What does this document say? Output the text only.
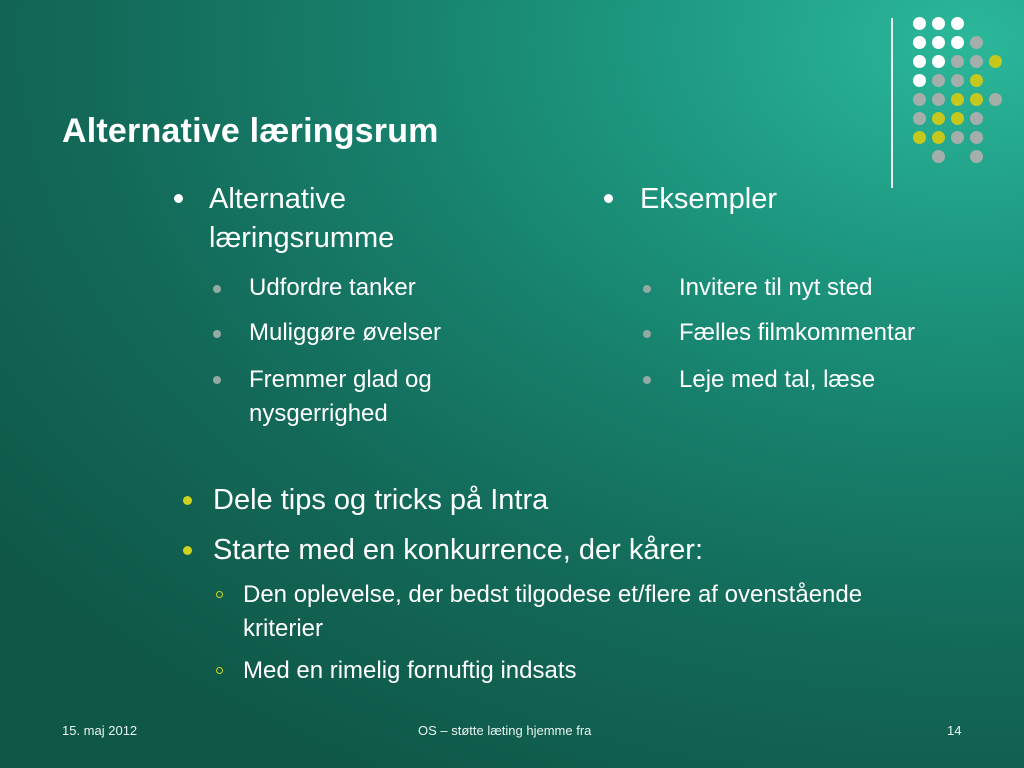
Alternative læringsrum

Alternative

læringsrumme

Udfordre tanker

Muliggøre øvelser

Fremmer glad og

nysgerrighed

Eksempler

Invitere til nyt sted

Fælles filmkommentar

Leje med tal, læse

Dele tips og tricks på Intra

Starte med en konkurrence, der kårer:

Den oplevelse, der bedst tilgodese et/flere af ovenstående

kriterier

Med en rimelig fornuftig indsats

15. maj 2012	OS – støtte læting hjemme fra	14
